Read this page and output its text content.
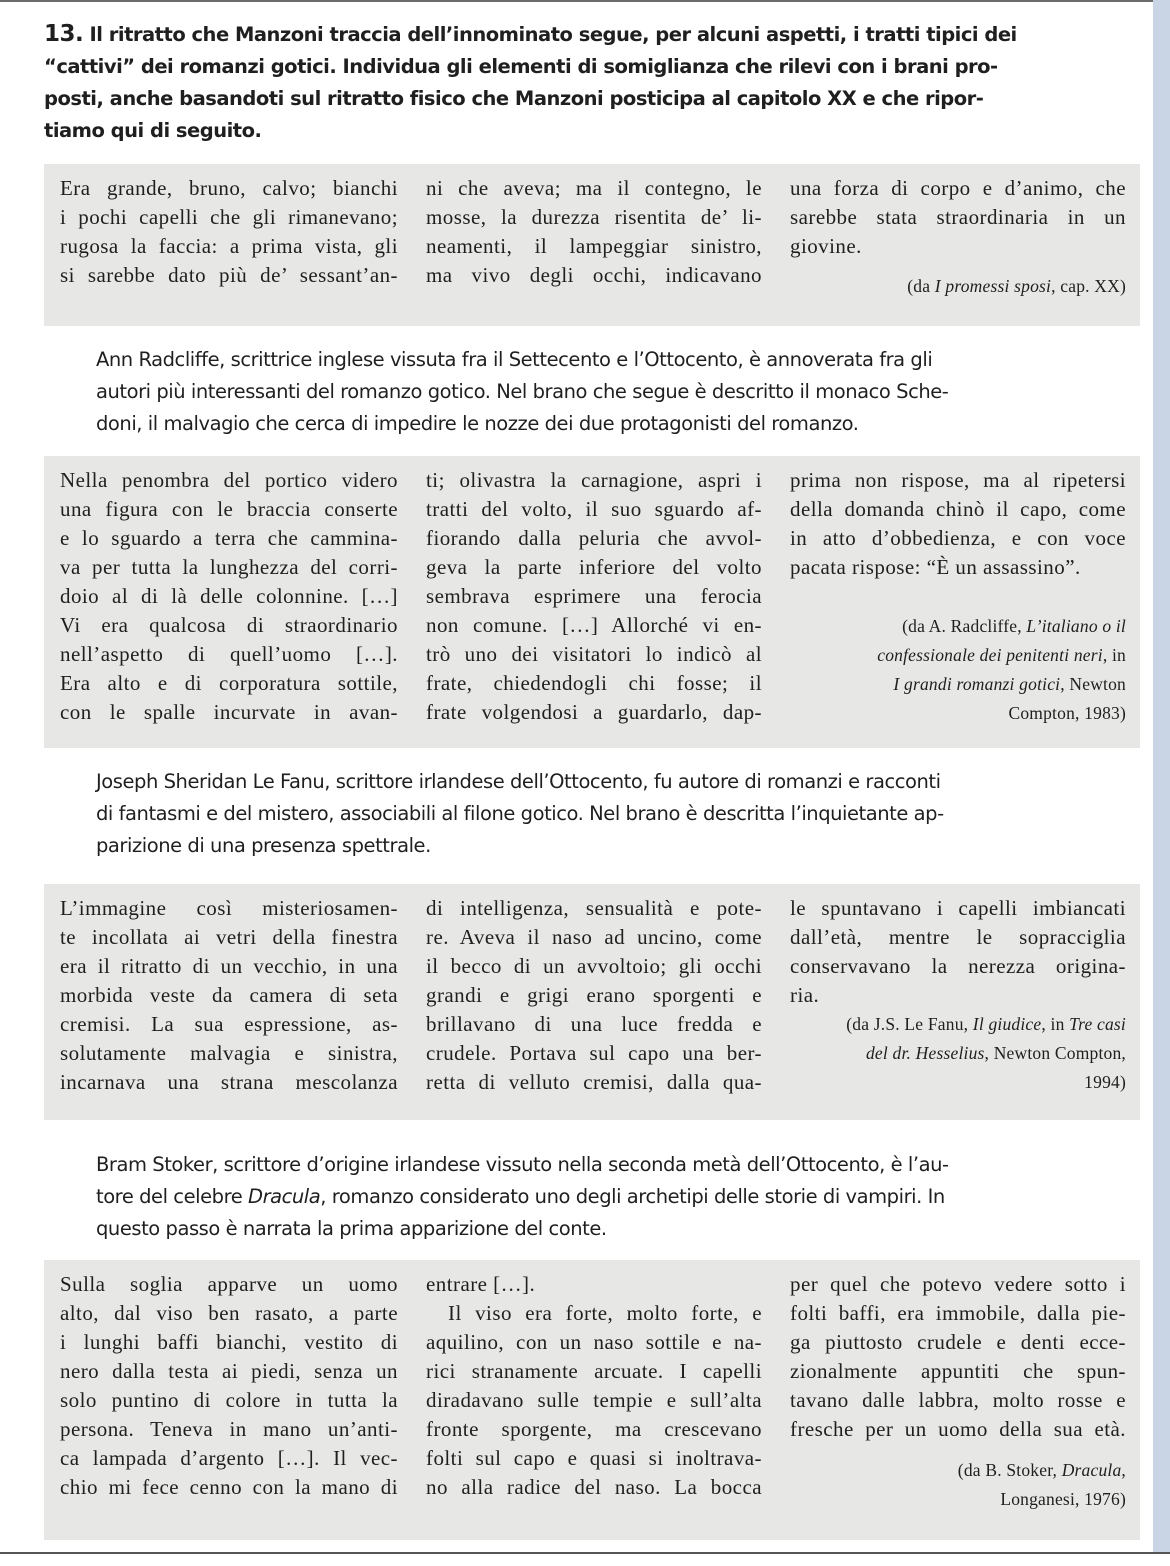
13. Il ritratto che Manzoni traccia dell’innominato segue, per alcuni aspetti, i tratti tipici dei
“cattivi” dei romanzi gotici. Individua gli elementi di somiglianza che rilevi con i brani pro-
posti, anche basandoti sul ritratto fisico che Manzoni posticipa al capitolo XX e che ripor-
tiamo qui di seguito.
Era grande, bruno, calvo; bianchi
i pochi capelli che gli rimanevano;
rugosa la faccia: a prima vista, gli
si sarebbe dato più de’ sessant’an-
ni che aveva; ma il contegno, le
mosse, la durezza risentita de’ li-
neamenti, il lampeggiar sinistro,
ma vivo degli occhi, indicavano
una forza di corpo e d’animo, che
sarebbe stata straordinaria in un
giovine.
(da I promessi sposi, cap. XX)
Ann Radcliffe, scrittrice inglese vissuta fra il Settecento e l’Ottocento, è annoverata fra gli
autori più interessanti del romanzo gotico. Nel brano che segue è descritto il monaco Sche-
doni, il malvagio che cerca di impedire le nozze dei due protagonisti del romanzo.
Nella penombra del portico videro
una figura con le braccia conserte
e lo sguardo a terra che cammina-
va per tutta la lunghezza del corri-
doio al di là delle colonnine. […]
Vi era qualcosa di straordinario
nell’aspetto di quell’uomo […].
Era alto e di corporatura sottile,
con le spalle incurvate in avan-
ti; olivastra la carnagione, aspri i
tratti del volto, il suo sguardo af-
fiorando dalla peluria che avvol-
geva la parte inferiore del volto
sembrava esprimere una ferocia
non comune. […] Allorché vi en-
trò uno dei visitatori lo indicò al
frate, chiedendogli chi fosse; il
frate volgendosi a guardarlo, dap-
prima non rispose, ma al ripetersi
della domanda chinò il capo, come
in atto d’obbedienza, e con voce
pacata rispose: “È un assassino”.
(da A. Radcliffe, L’italiano o il
confessionale dei penitenti neri, in
I grandi romanzi gotici, Newton
Compton, 1983)
Joseph Sheridan Le Fanu, scrittore irlandese dell’Ottocento, fu autore di romanzi e racconti
di fantasmi e del mistero, associabili al filone gotico. Nel brano è descritta l’inquietante ap-
parizione di una presenza spettrale.
L’immagine così misteriosamen-
te incollata ai vetri della finestra
era il ritratto di un vecchio, in una
morbida veste da camera di seta
cremisi. La sua espressione, as-
solutamente malvagia e sinistra,
incarnava una strana mescolanza
di intelligenza, sensualità e pote-
re. Aveva il naso ad uncino, come
il becco di un avvoltoio; gli occhi
grandi e grigi erano sporgenti e
brillavano di una luce fredda e
crudele. Portava sul capo una ber-
retta di velluto cremisi, dalla qua-
le spuntavano i capelli imbiancati
dall’età, mentre le sopracciglia
conservavano la nerezza origina-
ria.
(da J.S. Le Fanu, Il giudice, in Tre casi
del dr. Hesselius, Newton Compton,
1994)
Bram Stoker, scrittore d’origine irlandese vissuto nella seconda metà dell’Ottocento, è l’au-
tore del celebre Dracula, romanzo considerato uno degli archetipi delle storie di vampiri. In
questo passo è narrata la prima apparizione del conte.
Sulla soglia apparve un uomo
alto, dal viso ben rasato, a parte
i lunghi baffi bianchi, vestito di
nero dalla testa ai piedi, senza un
solo puntino di colore in tutta la
persona. Teneva in mano un’anti-
ca lampada d’argento […]. Il vec-
chio mi fece cenno con la mano di
entrare […].
Il viso era forte, molto forte, e
aquilino, con un naso sottile e na-
rici stranamente arcuate. I capelli
diradavano sulle tempie e sull’alta
fronte sporgente, ma crescevano
folti sul capo e quasi si inoltrava-
no alla radice del naso. La bocca
per quel che potevo vedere sotto i
folti baffi, era immobile, dalla pie-
ga piuttosto crudele e denti ecce-
zionalmente appuntiti che spun-
tavano dalle labbra, molto rosse e
fresche per un uomo della sua età.
(da B. Stoker, Dracula,
Longanesi, 1976)
